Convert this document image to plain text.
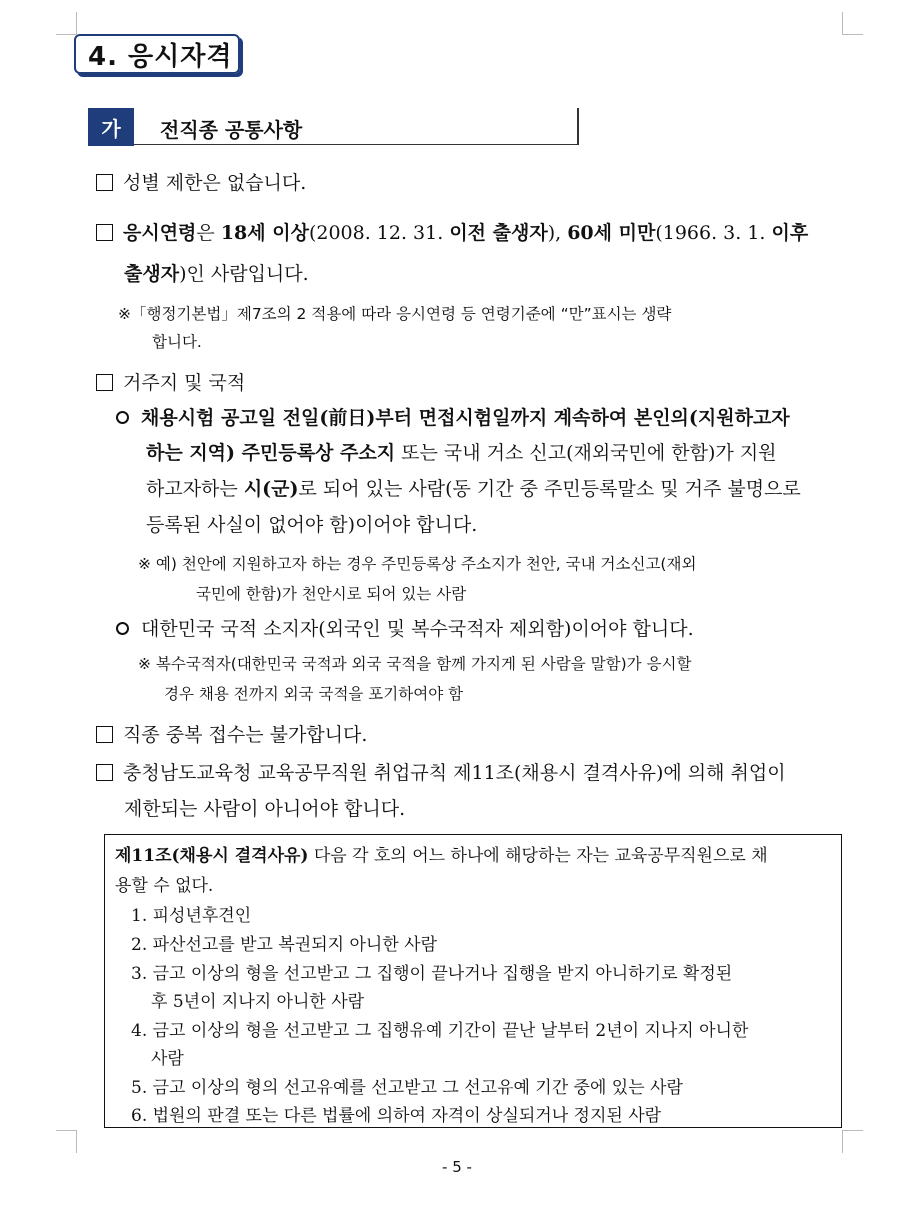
4. 응시자격
가	전직종 공통사항
성별 제한은 없습니다.
응시연령은 18세 이상(2008. 12. 31. 이전 출생자), 60세 미만(1966. 3. 1. 이후
출생자)인 사람입니다.
※「행정기본법」제7조의 2 적용에 따라 응시연령 등 연령기준에 “만”표시는 생략
합니다.
거주지 및 국적
채용시험 공고일 전일(前日)부터 면접시험일까지 계속하여 본인의(지원하고자
하는 지역) 주민등록상 주소지 또는 국내 거소 신고(재외국민에 한함)가 지원
하고자하는 시(군)로 되어 있는 사람(동 기간 중 주민등록말소 및 거주 불명으로
등록된 사실이 없어야 함)이어야 합니다.
※ 예) 천안에 지원하고자 하는 경우 주민등록상 주소지가 천안, 국내 거소신고(재외
국민에 한함)가 천안시로 되어 있는 사람
대한민국 국적 소지자(외국인 및 복수국적자 제외함)이어야 합니다.
※ 복수국적자(대한민국 국적과 외국 국적을 함께 가지게 된 사람을 말함)가 응시할
경우 채용 전까지 외국 국적을 포기하여야 함
직종 중복 접수는 불가합니다.
충청남도교육청 교육공무직원 취업규칙 제11조(채용시 결격사유)에 의해 취업이
제한되는 사람이 아니어야 합니다.
제11조(채용시 결격사유) 다음 각 호의 어느 하나에 해당하는 자는 교육공무직원으로 채
용할 수 없다.
1. 피성년후견인
2. 파산선고를 받고 복권되지 아니한 사람
3. 금고 이상의 형을 선고받고 그 집행이 끝나거나 집행을 받지 아니하기로 확정된
후 5년이 지나지 아니한 사람
4. 금고 이상의 형을 선고받고 그 집행유예 기간이 끝난 날부터 2년이 지나지 아니한
사람
5. 금고 이상의 형의 선고유예를 선고받고 그 선고유예 기간 중에 있는 사람
6. 법원의 판결 또는 다른 법률에 의하여 자격이 상실되거나 정지된 사람
- 5 -
